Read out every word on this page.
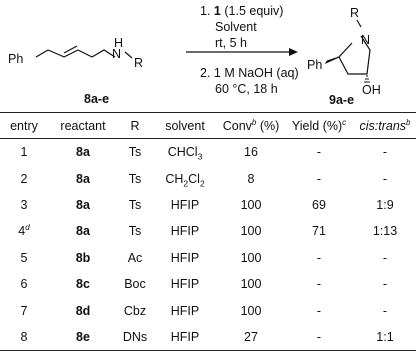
Ph
H
N
R
8a-e
R
N
Ph
OH
9a-e
1. 1 (1.5 equiv)
Solvent
rt, 5 h
2. 1 M NaOH (aq)
60 °C, 18 h
entry	reactant	R	solvent	Conv$^b$ (%)	Yield (%)$^c$	cis:trans$^b$
1	8a	Ts	CHCl$_3$	16	-	-
2	8a	Ts	$CH_2Cl_2$	8	-	-
3	8a	Ts	HFIP	100	69	1:9
4$^d$	8a	Ts	HFIP	100	71	1:13
5	8b	Ac	HFIP	100	-	-
6	8c	Boc	HFIP	100	-	-
7	8d	Cbz	HFIP	100	-	-
8	8e	DNs	HFIP	27	-	1:1
